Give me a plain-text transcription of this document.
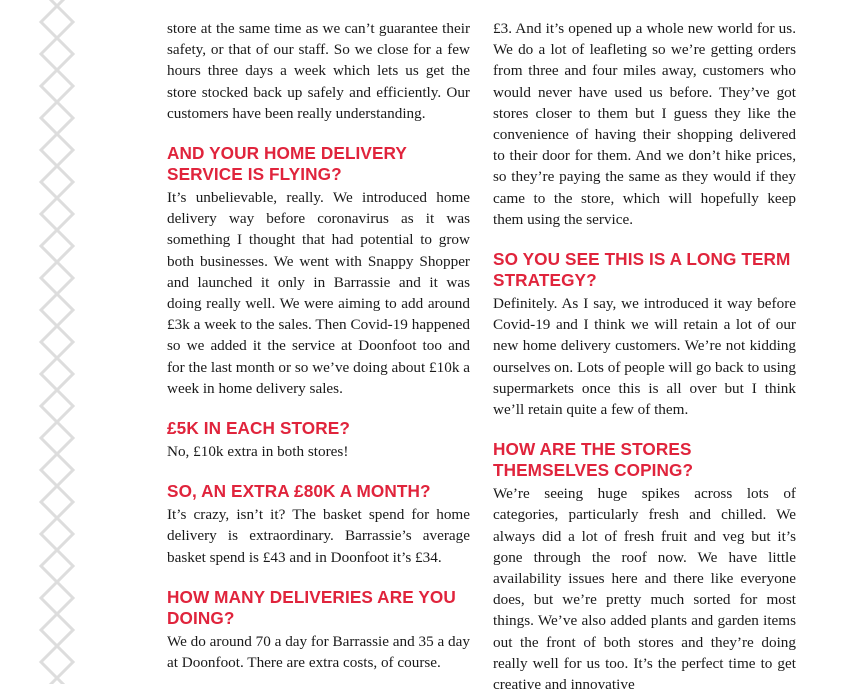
store at the same time as we can’t guarantee their safety, or that of our staff. So we close for a few hours three days a week which lets us get the store stocked back up safely and efficiently. Our customers have been really understanding.

AND YOUR HOME DELIVERY SERVICE IS FLYING?

It’s unbelievable, really. We introduced home delivery way before coronavirus as it was something I thought that had potential to grow both businesses. We went with Snappy Shopper and launched it only in Barrassie and it was doing really well. We were aiming to add around £3k a week to the sales. Then Covid-19 happened so we added it the service at Doonfoot too and for the last month or so we’ve doing about £10k a week in home delivery sales.

£5K IN EACH STORE?

No, £10k extra in both stores!

SO, AN EXTRA £80K A MONTH?

It’s crazy, isn’t it? The basket spend for home delivery is extraordinary. Barrassie’s average basket spend is £43 and in Doonfoot it’s £34.

HOW MANY DELIVERIES ARE YOU DOING?

We do around 70 a day for Barrassie and 35 a day at Doonfoot. There are extra costs, of course.

£3. And it’s opened up a whole new world for us. We do a lot of leafleting so we’re getting orders from three and four miles away, customers who would never have used us before. They’ve got stores closer to them but I guess they like the convenience of having their shopping delivered to their door for them. And we don’t hike prices, so they’re paying the same as they would if they came to the store, which will hopefully keep them using the service.

SO YOU SEE THIS IS A LONG TERM STRATEGY?

Definitely. As I say, we introduced it way before Covid-19 and I think we will retain a lot of our new home delivery customers. We’re not kidding ourselves on. Lots of people will go back to using supermarkets once this is all over but I think we’ll retain quite a few of them.

HOW ARE THE STORES THEMSELVES COPING?

We’re seeing huge spikes across lots of categories, particularly fresh and chilled. We always did a lot of fresh fruit and veg but it’s gone through the roof now. We have little availability issues here and there like everyone does, but we’re pretty much sorted for most things. We’ve also added plants and garden items out the front of both stores and they’re doing really well for us too. It’s the perfect time to get creative and innovative
